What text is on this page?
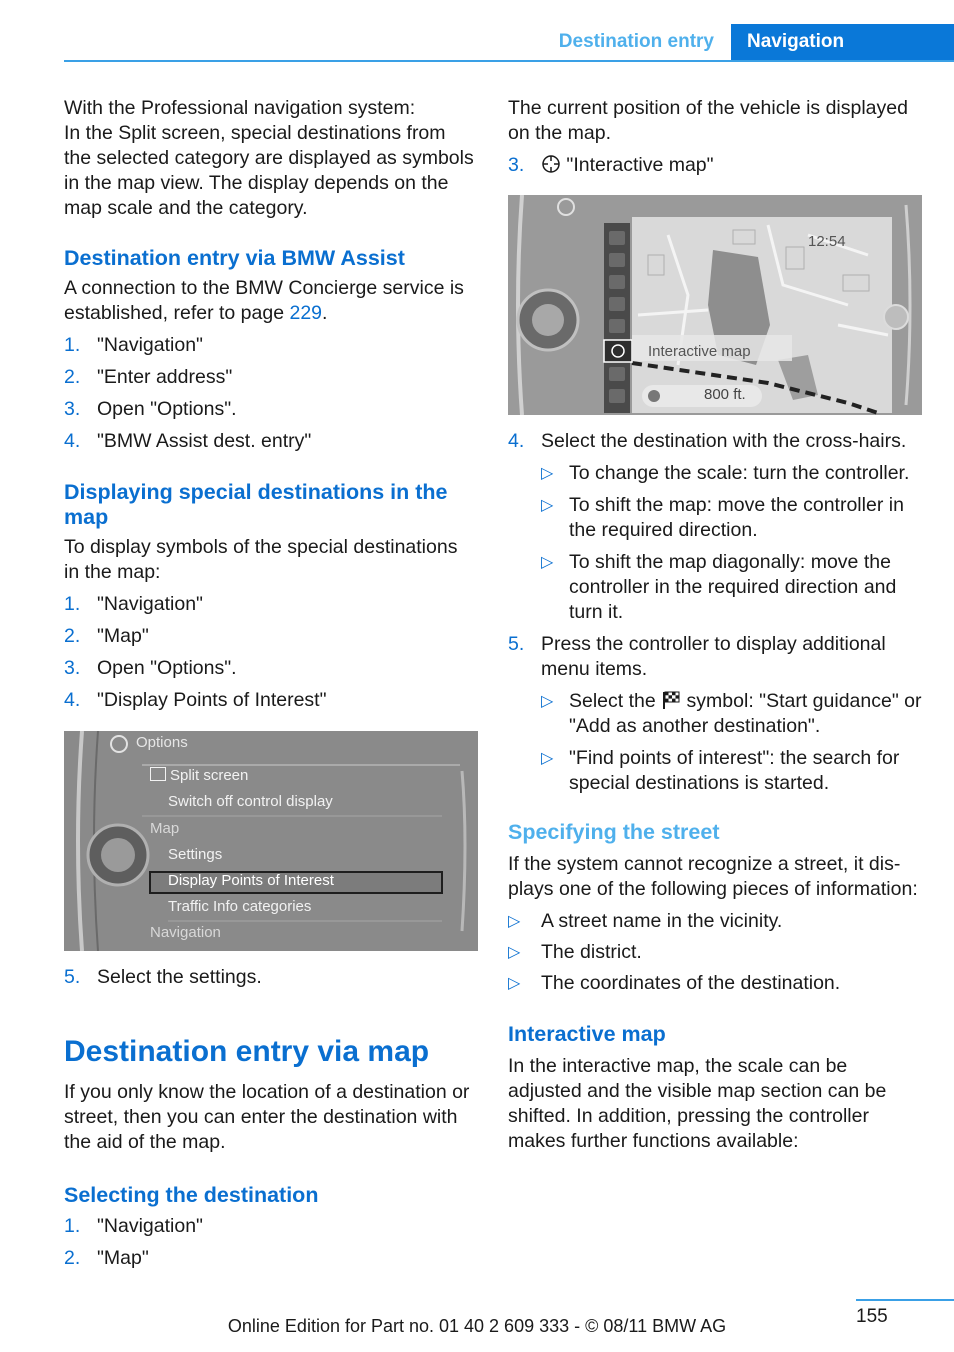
Destination entry	Navigation

With the Professional navigation system:

In the Split screen, special destinations from the selected category are displayed as symbols in the map view. The display depends on the map scale and the category.

Destination entry via BMW Assist

A connection to the BMW Concierge service is established, refer to page 229.

1. "Navigation"
2. "Enter address"
3. Open "Options".
4. "BMW Assist dest. entry"
Displaying special destinations in the map

To display symbols of the special destinations in the map:

1. "Navigation"
2. "Map"
3. Open "Options".
4. "Display Points of Interest"
Options
Split screen
Switch off control display
Map
Settings
Display Points of Interest
Traffic Info categories
Navigation
5. Select the settings.
Destination entry via map

If you only know the location of a destination or street, then you can enter the destination with the aid of the map.

Selecting the destination
1. "Navigation"
2. "Map"

The current position of the vehicle is displayed on the map.

3.	"Interactive map"
12:54
Interactive map
800 ft.
4. Select the destination with the cross-hairs.
▷ To change the scale: turn the controller.
▷ To shift the map: move the controller in the required direction.
▷ To shift the map diagonally: move the controller in the required direction and turn it.
5. Press the controller to display additional menu items.
▷ Select the  symbol: "Start guidance" or "Add as another destination".
▷ "Find points of interest": the search for special destinations is started.
Specifying the street

If the system cannot recognize a street, it displays one of the following pieces of information:

▷	A street name in the vicinity.
▷	The district.
▷	The coordinates of the destination.
Interactive map

In the interactive map, the scale can be adjusted and the visible map section can be shifted. In addition, pressing the controller makes further functions available:

155
Online Edition for Part no. 01 40 2 609 333 - © 08/11 BMW AG
